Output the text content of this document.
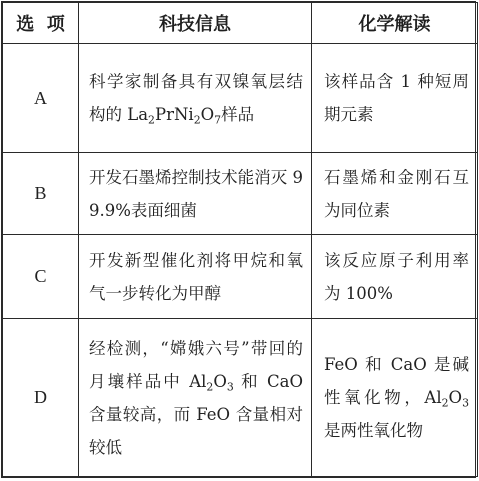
选  项	科技信息	化学解读
A	科学家制备具有双镍氧层结构的 $La_2PrNi_2O_7$样品	该样品含 1 种短周期元素
B	开发石墨烯控制技术能消灭 99.9%表面细菌	石墨烯和金刚石互为同位素
C	开发新型催化剂将甲烷和氧气一步转化为甲醇	该反应原子利用率为 100%
D	经检测，“嫦娥六号”带回的月壤样品中 $Al_2O_3$ 和 CaO 含量较高，而 FeO 含量相对较低	FeO 和 CaO 是碱性氧化物，$Al_2O_3$ 是两性氧化物
